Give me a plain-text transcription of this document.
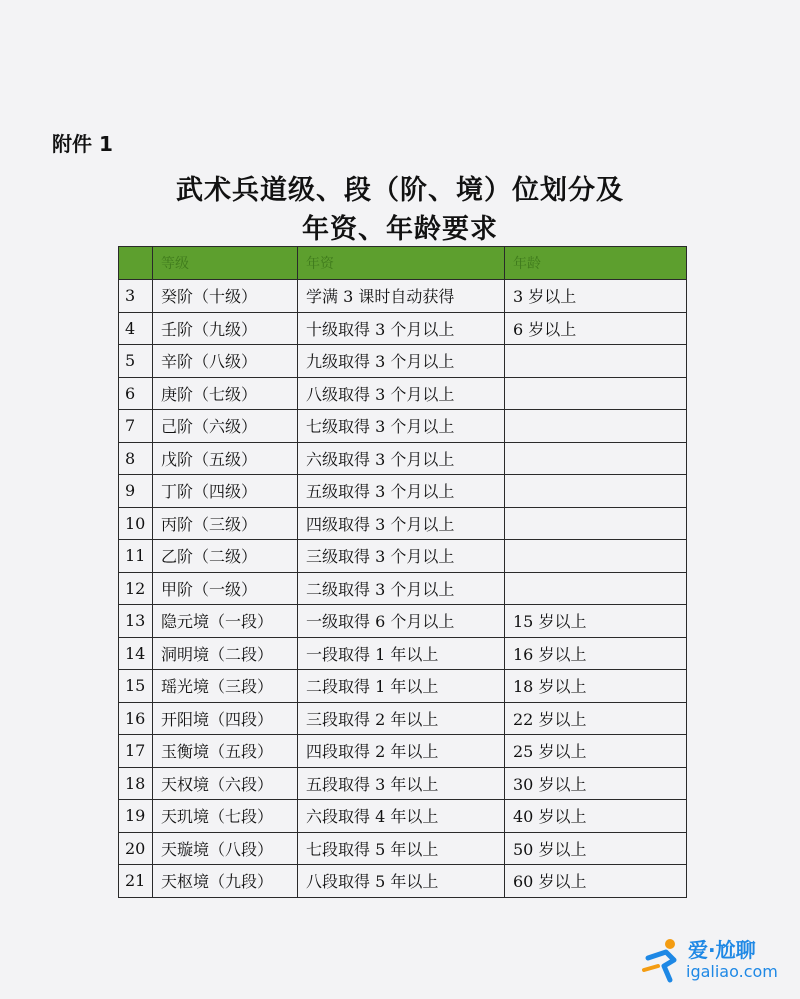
附件 1
武术兵道级、段（阶、境）位划分及
年资、年龄要求
	等级	年资	年龄
3	癸阶（十级）	学满 3 课时自动获得	3 岁以上
4	壬阶（九级）	十级取得 3 个月以上	6 岁以上
5	辛阶（八级）	九级取得 3 个月以上	
6	庚阶（七级）	八级取得 3 个月以上	
7	己阶（六级）	七级取得 3 个月以上	
8	戊阶（五级）	六级取得 3 个月以上	
9	丁阶（四级）	五级取得 3 个月以上	
10	丙阶（三级）	四级取得 3 个月以上	
11	乙阶（二级）	三级取得 3 个月以上	
12	甲阶（一级）	二级取得 3 个月以上	
13	隐元境（一段）	一级取得 6 个月以上	15 岁以上
14	洞明境（二段）	一段取得 1 年以上	16 岁以上
15	瑶光境（三段）	二段取得 1 年以上	18 岁以上
16	开阳境（四段）	三段取得 2 年以上	22 岁以上
17	玉衡境（五段）	四段取得 2 年以上	25 岁以上
18	天权境（六段）	五段取得 3 年以上	30 岁以上
19	天玑境（七段）	六段取得 4 年以上	40 岁以上
20	天璇境（八段）	七段取得 5 年以上	50 岁以上
21	天枢境（九段）	八段取得 5 年以上	60 岁以上
爱·尬聊
igaliao.com
